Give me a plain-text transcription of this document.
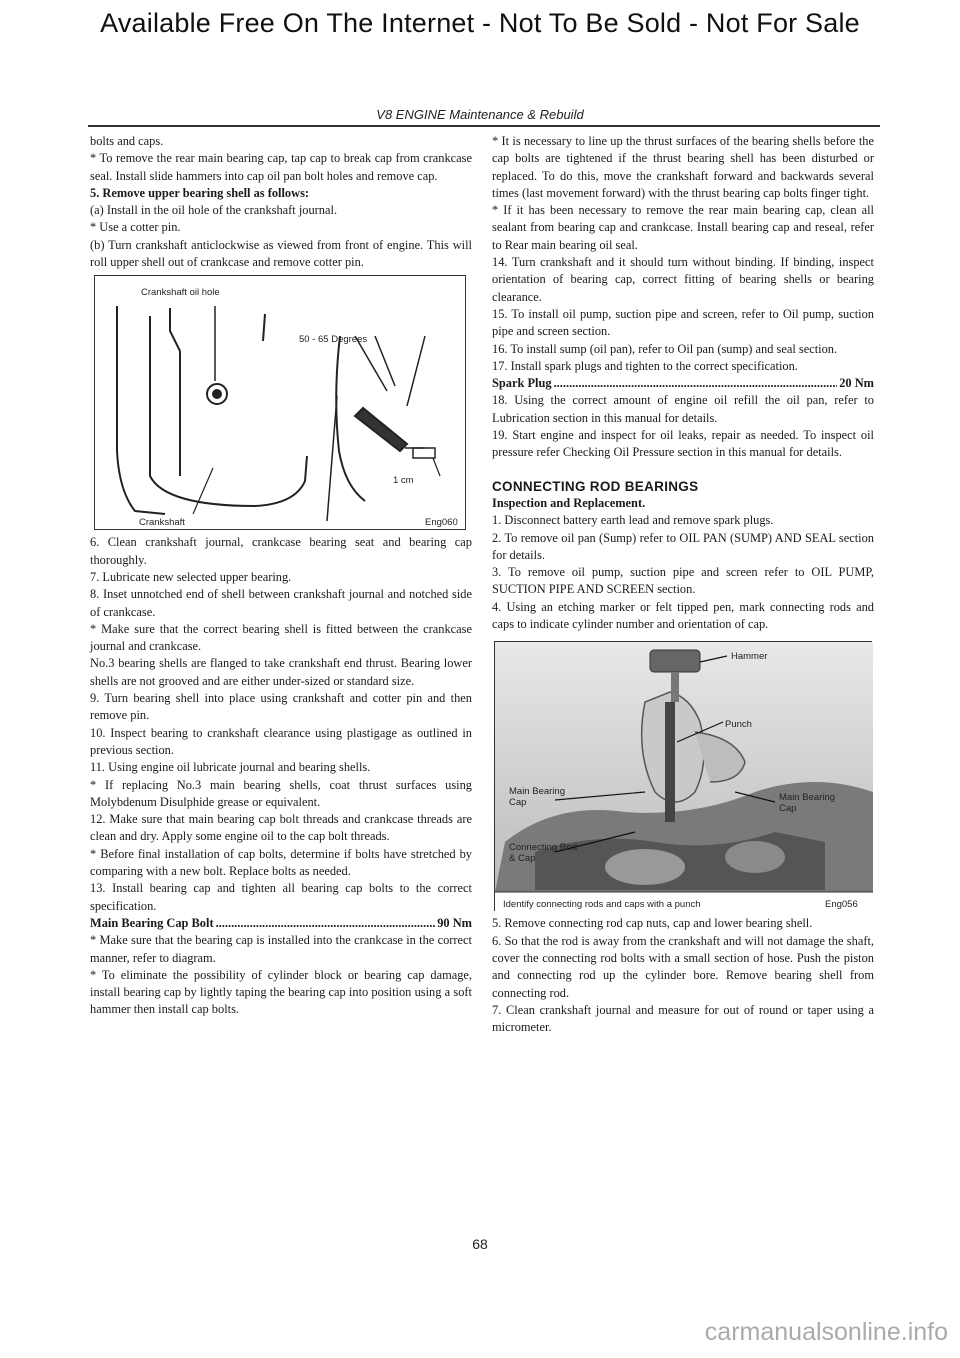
Available Free On The Internet - Not To Be Sold - Not For Sale
V8 ENGINE Maintenance & Rebuild

bolts and caps.

* To remove the rear main bearing cap, tap cap to break cap from crankcase seal. Install slide hammers into cap oil pan bolt holes and remove cap.

5. Remove upper bearing shell as follows:

(a) Install in the oil hole of the crankshaft journal.

* Use a cotter pin.

(b) Turn crankshaft anticlockwise as viewed from front of engine. This will roll upper shell out of crankcase and remove cotter pin.

Crankshaft oil hole
50 - 65 Degrees
1 cm
Crankshaft	Eng060

6. Clean crankshaft journal, crankcase bearing seat and bearing cap thoroughly.

7. Lubricate new selected upper bearing.

8. Inset unnotched end of shell between crankshaft journal and notched side of crankcase.

* Make sure that the correct bearing shell is fitted between the crankcase journal and crankcase.

No.3 bearing shells are flanged to take crankshaft end thrust. Bearing lower shells are not grooved and are either under-sized or standard size.

9. Turn bearing shell into place using crankshaft and cotter pin and then remove pin.

10. Inspect bearing to crankshaft clearance using plastigage as outlined in previous section.

11. Using engine oil lubricate journal and bearing shells.

* If replacing No.3 main bearing shells, coat thrust surfaces using Molybdenum Disulphide grease or equivalent.

12. Make sure that main bearing cap bolt threads and crankcase threads are clean and dry. Apply some engine oil to the cap bolt threads.

* Before final installation of cap bolts, determine if bolts have stretched by comparing with a new bolt. Replace bolts as needed.

13. Install bearing cap and tighten all bearing cap bolts to the correct specification.

Main Bearing Cap Bolt .....	90 Nm

* Make sure that the bearing cap is installed into the crankcase in the correct manner, refer to diagram.

* To eliminate the possibility of cylinder block or bearing cap damage, install bearing cap by lightly taping the bearing cap into position using a soft hammer then install cap bolts.

* It is necessary to line up the thrust surfaces of the bearing shells before the cap bolts are tightened if the thrust bearing shell has been disturbed or replaced. To do this, move the crankshaft forward and backwards several times (last movement forward) with the thrust bearing cap bolts finger tight.

* If it has been necessary to remove the rear main bearing cap, clean all sealant from bearing cap and crankcase. Install bearing cap and reseal, refer to Rear main bearing oil seal.

14. Turn crankshaft and it should turn without binding. If binding, inspect orientation of bearing cap, correct fitting of bearing shells or bearing clearance.

15. To install oil pump, suction pipe and screen, refer to Oil pump, suction pipe and screen section.

16. To install sump (oil pan), refer to Oil pan (sump) and seal section.

17. Install spark plugs and tighten to the correct specification.

Spark Plug .....	20 Nm

18. Using the correct amount of engine oil refill the oil pan, refer to Lubrication section in this manual for details.

19. Start engine and inspect for oil leaks, repair as needed. To inspect oil pressure refer Checking Oil Pressure section in this manual for details.

CONNECTING ROD BEARINGS

Inspection and Replacement.

1. Disconnect battery earth lead and remove spark plugs.

2. To remove oil pan (Sump) refer to OIL PAN (SUMP) AND SEAL section for details.

3. To remove oil pump, suction pipe and screen refer to OIL PUMP, SUCTION PIPE AND SCREEN section.

4. Using an etching marker or felt tipped pen, mark connecting rods and caps to indicate cylinder number and orientation of cap.

Hammer
Punch
Main Bearing Cap	Main Bearing Cap
Connecting Rod & Cap
Identify connecting rods and caps with a punch	Eng056

5. Remove connecting rod cap nuts, cap and lower bearing shell.

6. So that the rod is away from the crankshaft and will not damage the shaft, cover the connecting rod bolts with a small section of hose. Push the piston and connecting rod up the cylinder bore. Remove bearing shell from connecting rod.

7. Clean crankshaft journal and measure for out of round or taper using a micrometer.

68
carmanualsonline.info
